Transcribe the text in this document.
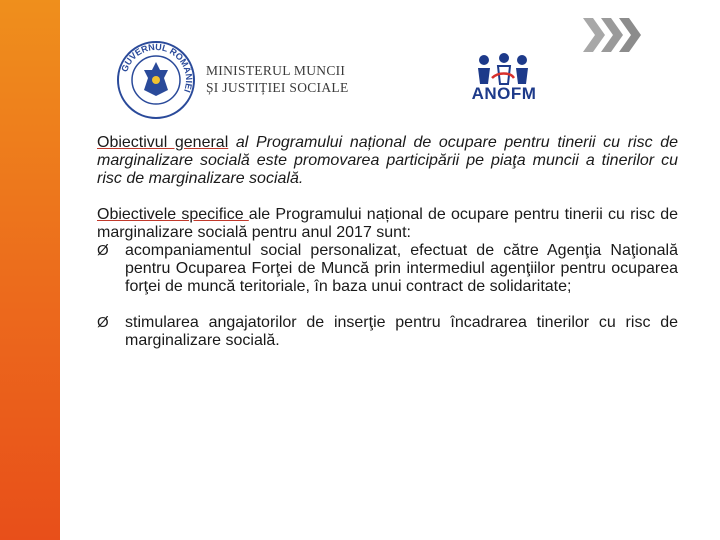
GUVERNUL ROMÂNIEI
MINISTERUL MUNCII
ȘI JUSTIȚIEI SOCIALE	ANOFM

Obiectivul general al Programului național de ocupare pentru tinerii cu risc de marginalizare socială este promovarea participării pe piaţa muncii a tinerilor cu risc de marginalizare socială.

Obiectivele specifice ale Programului național de ocupare pentru tinerii cu risc de marginalizare socială pentru anul 2017 sunt:

Ø acompaniamentul social personalizat, efectuat de către Agenţia Naţională pentru Ocuparea Forţei de Muncă prin intermediul agenţiilor pentru ocuparea forţei de muncă teritoriale, în baza unui contract de solidaritate;

Ø stimularea angajatorilor de inserţie pentru încadrarea tinerilor cu risc de marginalizare socială.
